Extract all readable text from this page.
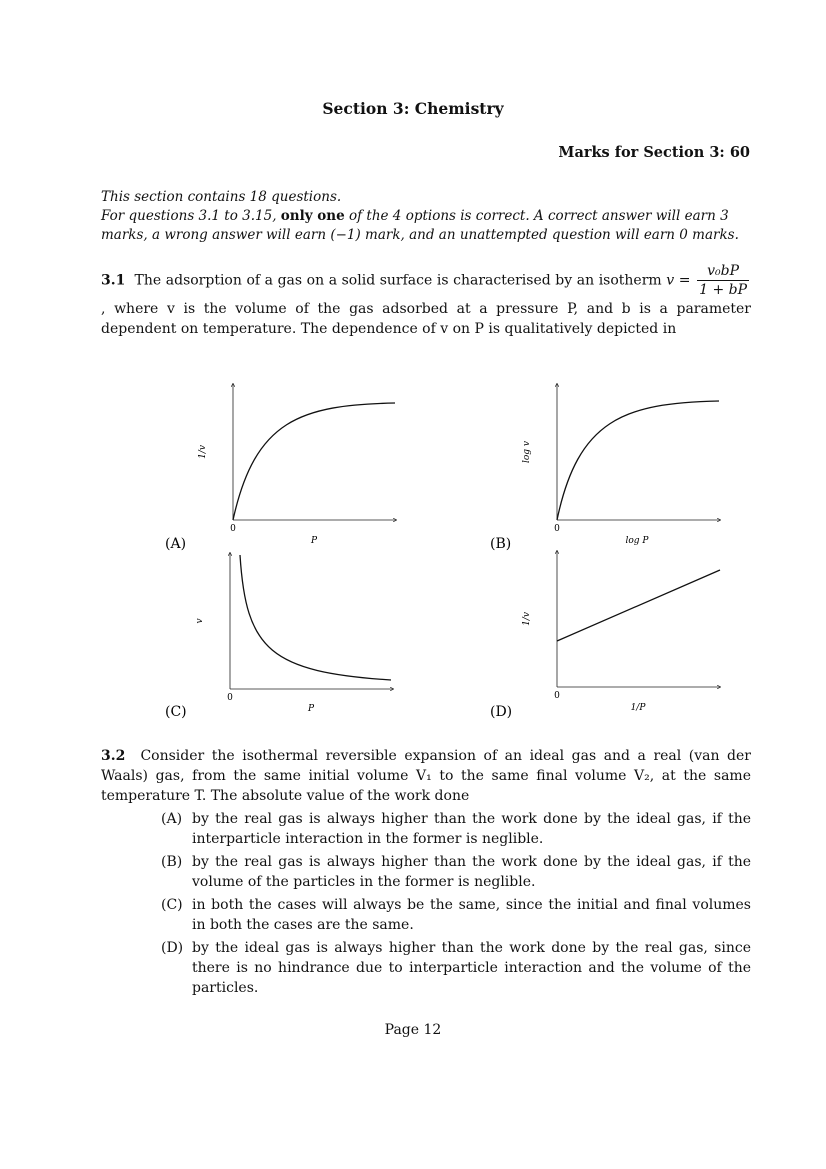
Section 3: Chemistry
Marks for Section 3: 60
This section contains 18 questions.
For questions 3.1 to 3.15, only one of the 4 options is correct. A correct answer will earn 3 marks, a wrong answer will earn (−1) mark, and an unattempted question will earn 0 marks.
3.1 The adsorption of a gas on a solid surface is characterised by an isotherm $v = \frac{\text{v₀bP}}{1 + bP}$
, where v is the volume of the gas adsorbed at a pressure P, and b is a parameter dependent on temperature. The dependence of v on P is qualitatively depicted in
0
P
1/v
(A)
0
log P
log v
(B)
0
P
v
(C)
0
1/P
1/v
(D)
3.2 Consider the isothermal reversible expansion of an ideal gas and a real (van der Waals) gas, from the same initial volume V₁ to the same final volume V₂, at the same temperature T. The absolute value of the work done
(A) by the real gas is always higher than the work done by the ideal gas, if the interparticle interaction in the former is neglible.
(B) by the real gas is always higher than the work done by the ideal gas, if the volume of the particles in the former is neglible.
(C) in both the cases will always be the same, since the initial and final volumes in both the cases are the same.
(D) by the ideal gas is always higher than the work done by the real gas, since there is no hindrance due to interparticle interaction and the volume of the particles.
Page 12
